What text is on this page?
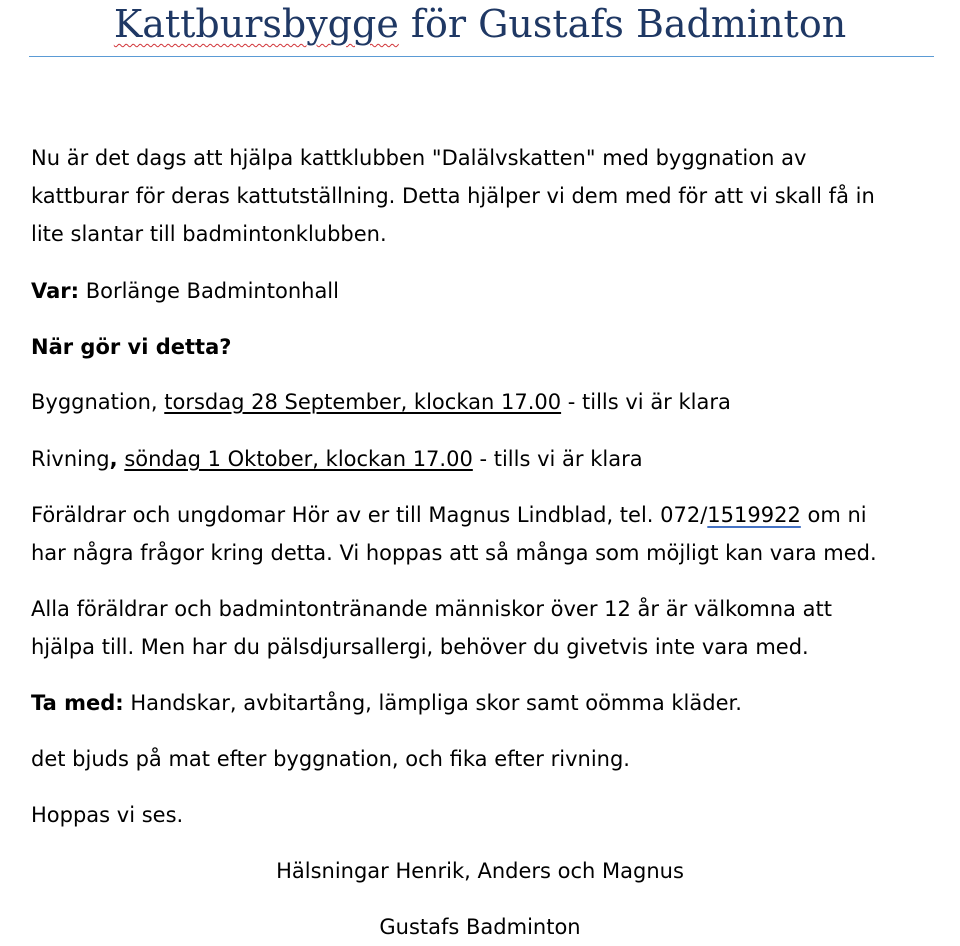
Kattbursbygge för Gustafs Badminton
Nu är det dags att hjälpa kattklubben "Dalälvskatten" med byggnation av
kattburar för deras kattutställning. Detta hjälper vi dem med för att vi skall få in
lite slantar till badmintonklubben.
Var: Borlänge Badmintonhall
När gör vi detta?
Byggnation, torsdag 28 September, klockan 17.00 - tills vi är klara
Rivning, söndag 1 Oktober, klockan 17.00 - tills vi är klara
Föräldrar och ungdomar Hör av er till Magnus Lindblad, tel. 072/1519922 om ni
har några frågor kring detta. Vi hoppas att så många som möjligt kan vara med.
Alla föräldrar och badmintontränande människor över 12 år är välkomna att
hjälpa till. Men har du pälsdjursallergi, behöver du givetvis inte vara med.
Ta med: Handskar, avbitartång, lämpliga skor samt oömma kläder.
det bjuds på mat efter byggnation, och fika efter rivning.
Hoppas vi ses.
Hälsningar Henrik, Anders och Magnus
Gustafs Badminton
